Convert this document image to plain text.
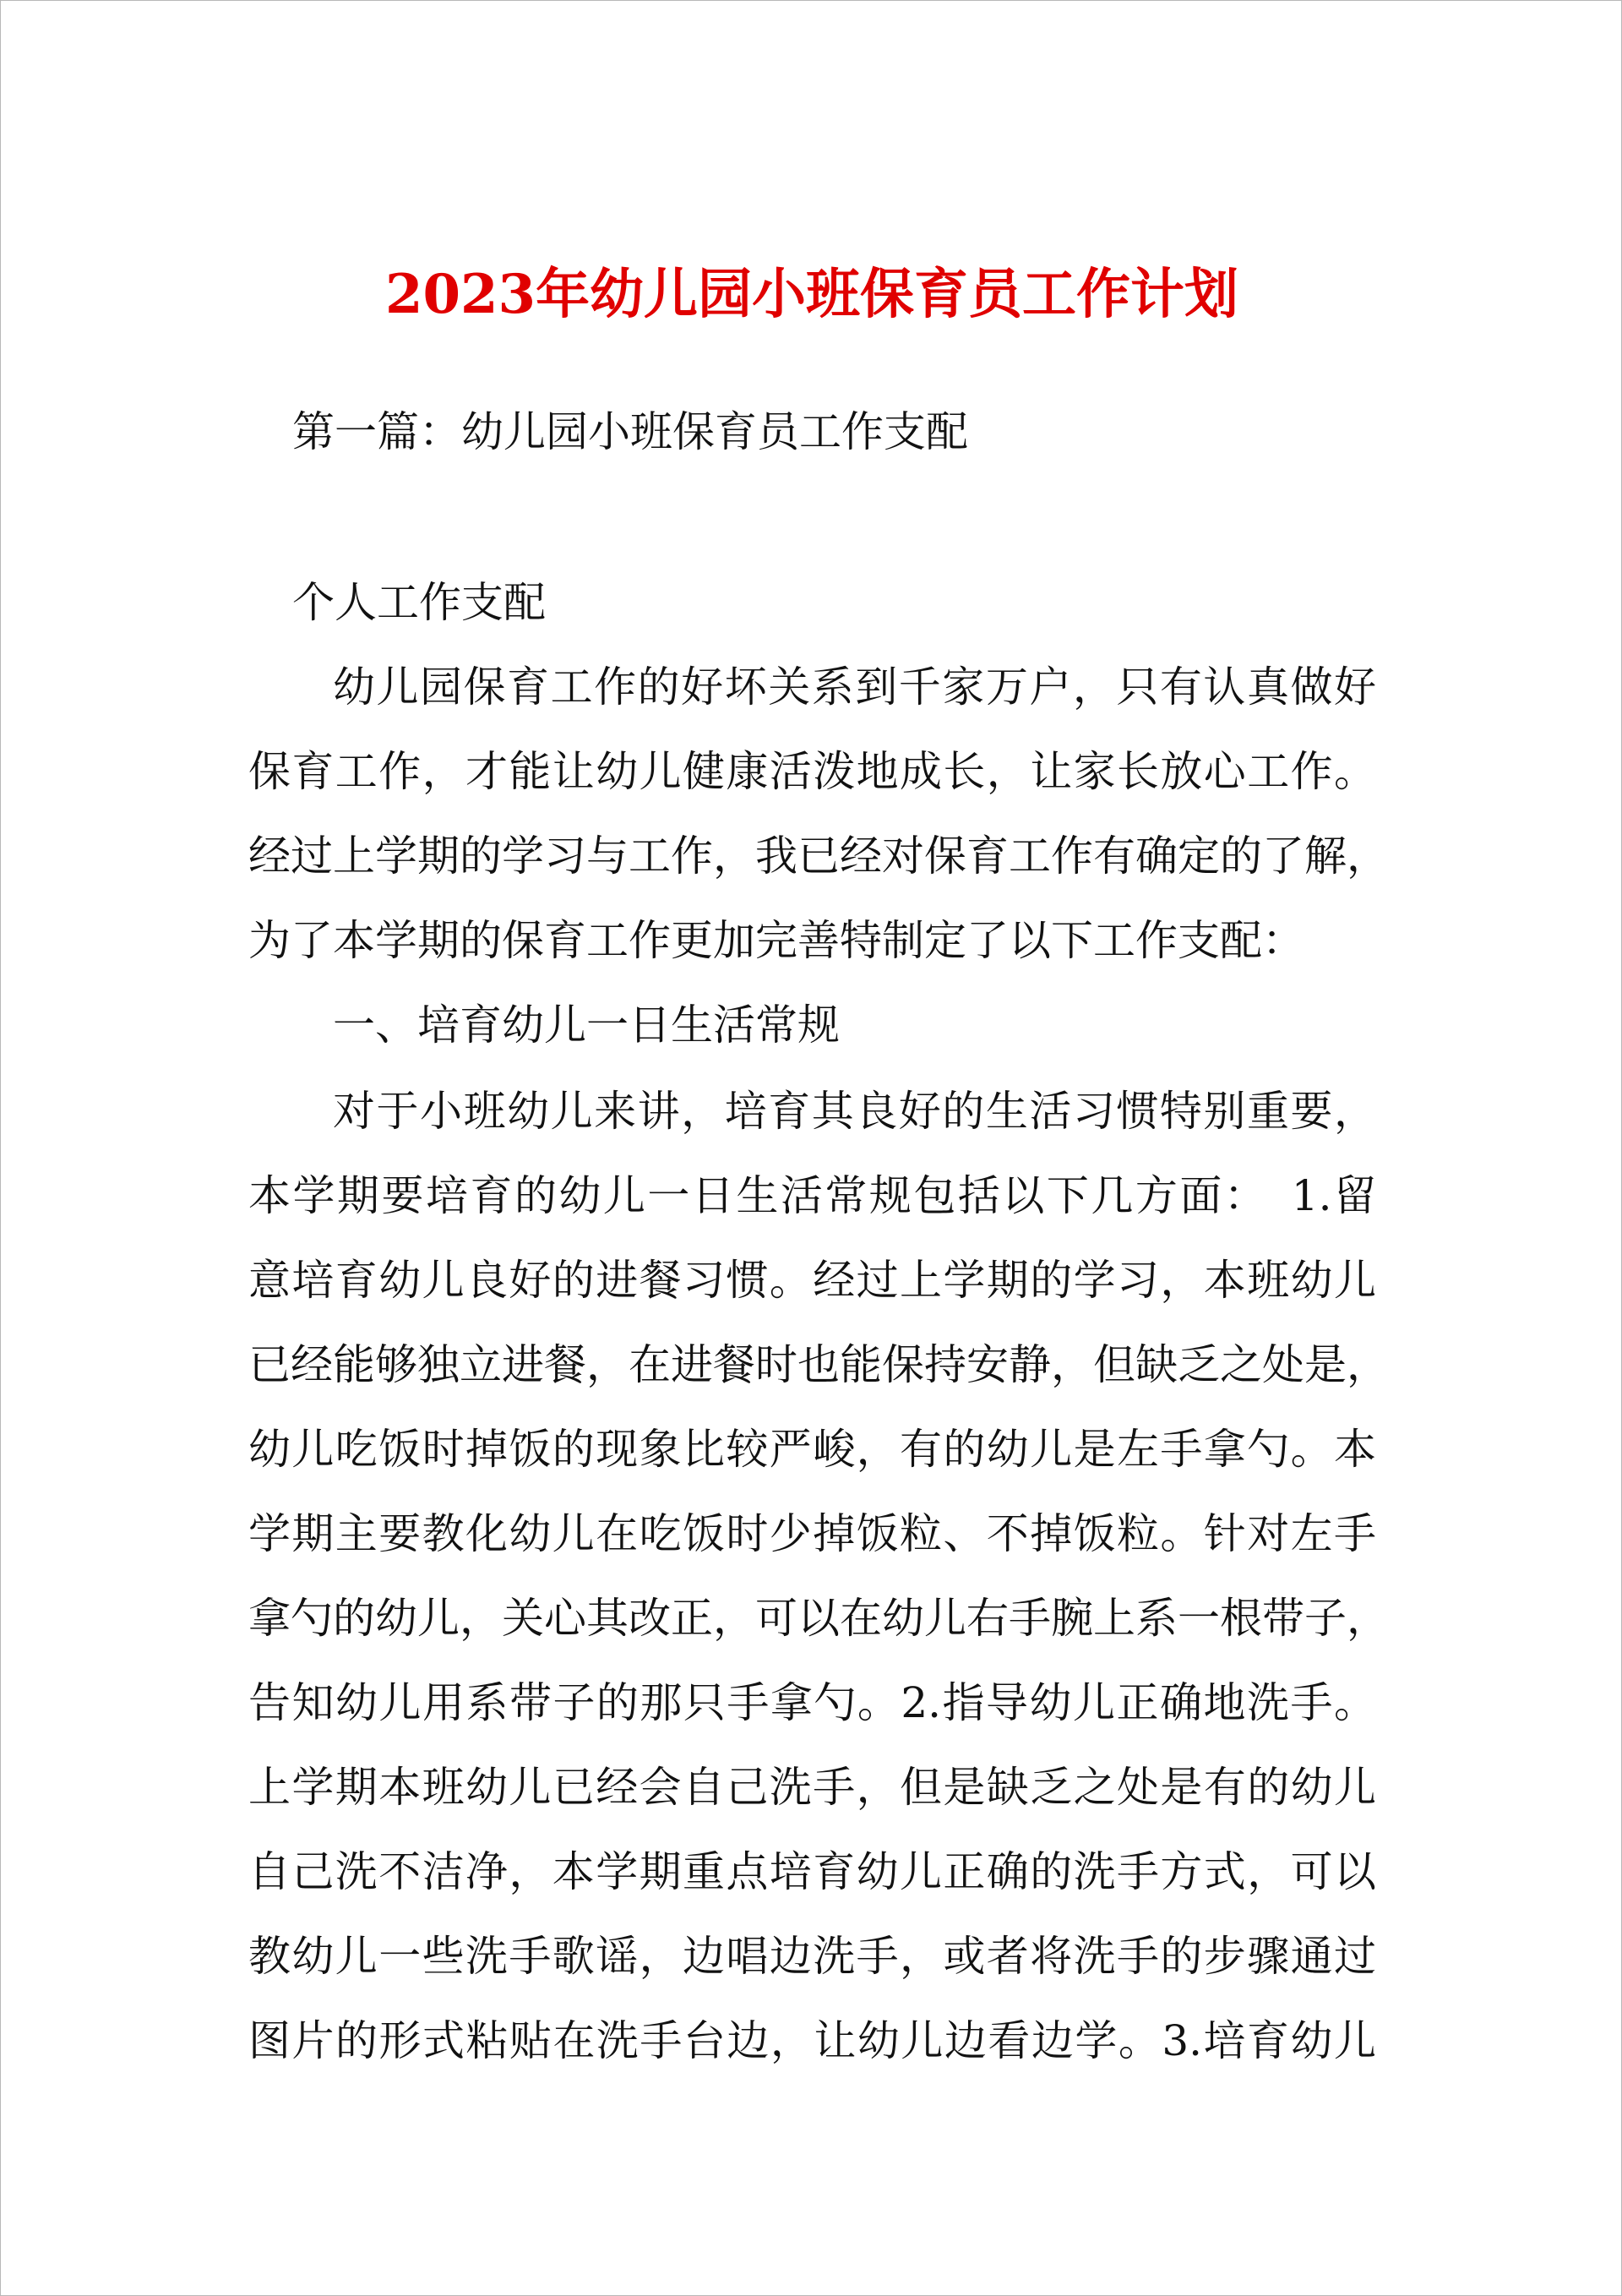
2023年幼儿园小班保育员工作计划
第一篇：幼儿园小班保育员工作支配
个人工作支配
幼儿园保育工作的好坏关系到千家万户，只有认真做好
保育工作，才能让幼儿健康活泼地成长，让家长放心工作。
经过上学期的学习与工作，我已经对保育工作有确定的了解，
为了本学期的保育工作更加完善特制定了以下工作支配：
一、培育幼儿一日生活常规
对于小班幼儿来讲，培育其良好的生活习惯特别重要，
本学期要培育的幼儿一日生活常规包括以下几方面：　1.留
意培育幼儿良好的进餐习惯。经过上学期的学习，本班幼儿
已经能够独立进餐，在进餐时也能保持安静，但缺乏之处是，
幼儿吃饭时掉饭的现象比较严峻，有的幼儿是左手拿勺。本
学期主要教化幼儿在吃饭时少掉饭粒、不掉饭粒。针对左手
拿勺的幼儿，关心其改正，可以在幼儿右手腕上系一根带子，
告知幼儿用系带子的那只手拿勺。2.指导幼儿正确地洗手。
上学期本班幼儿已经会自己洗手，但是缺乏之处是有的幼儿
自己洗不洁净，本学期重点培育幼儿正确的洗手方式，可以
教幼儿一些洗手歌谣，边唱边洗手，或者将洗手的步骤通过
图片的形式粘贴在洗手台边，让幼儿边看边学。3.培育幼儿
